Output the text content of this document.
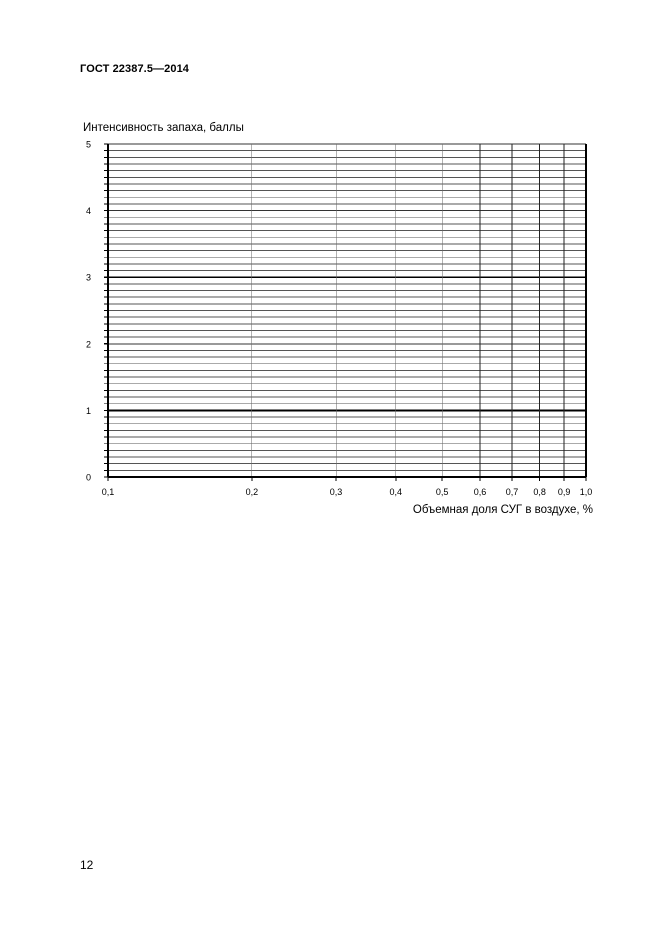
ГОСТ 22387.5—2014
Интенсивность запаха, баллы
Объемная доля СУГ в воздухе, %
0
1
2
3
4
5
0,1	0,2	0,3	0,4	0,5	0,6 0,7 0,8 0,9 1,0
12
